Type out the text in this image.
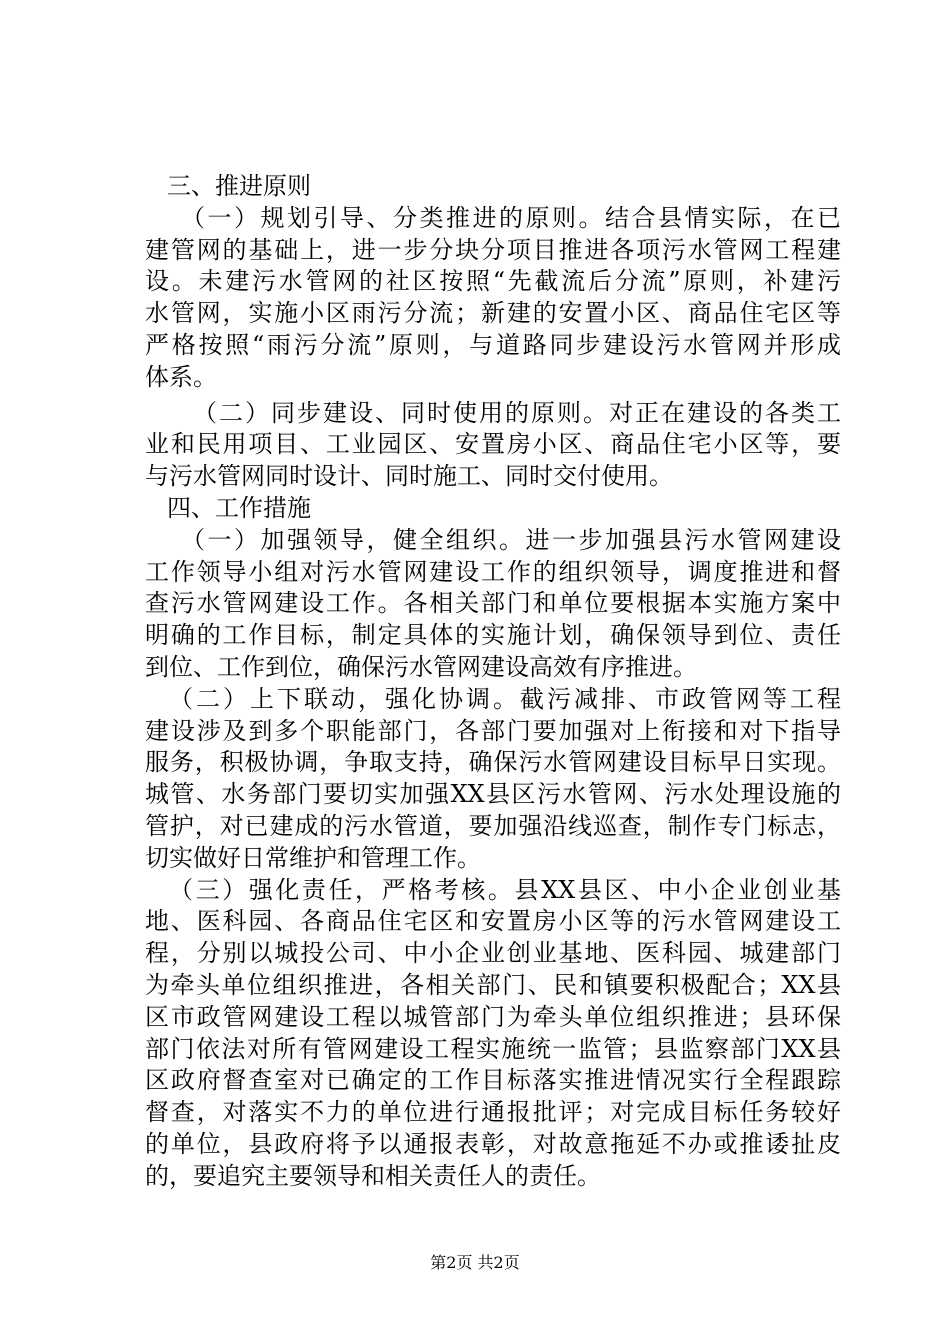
三、推进原则
（一）规划引导、分类推进的原则。结合县情实际，在已
建管网的基础上，进一步分块分项目推进各项污水管网工程建
设。未建污水管网的社区按照“先截流后分流”原则，补建污
水管网，实施小区雨污分流；新建的安置小区、商品住宅区等
严格按照“雨污分流”原则，与道路同步建设污水管网并形成
体系。
（二）同步建设、同时使用的原则。对正在建设的各类工
业和民用项目、工业园区、安置房小区、商品住宅小区等，要
与污水管网同时设计、同时施工、同时交付使用。
四、工作措施
（一）加强领导，健全组织。进一步加强县污水管网建设
工作领导小组对污水管网建设工作的组织领导，调度推进和督
查污水管网建设工作。各相关部门和单位要根据本实施方案中
明确的工作目标，制定具体的实施计划，确保领导到位、责任
到位、工作到位，确保污水管网建设高效有序推进。
（二）上下联动，强化协调。截污减排、市政管网等工程
建设涉及到多个职能部门，各部门要加强对上衔接和对下指导
服务，积极协调，争取支持，确保污水管网建设目标早日实现。
城管、水务部门要切实加强XX县区污水管网、污水处理设施的
管护，对已建成的污水管道，要加强沿线巡查，制作专门标志，
切实做好日常维护和管理工作。
（三）强化责任，严格考核。县XX县区、中小企业创业基
地、医科园、各商品住宅区和安置房小区等的污水管网建设工
程，分别以城投公司、中小企业创业基地、医科园、城建部门
为牵头单位组织推进，各相关部门、民和镇要积极配合；XX县
区市政管网建设工程以城管部门为牵头单位组织推进；县环保
部门依法对所有管网建设工程实施统一监管；县监察部门XX县
区政府督查室对已确定的工作目标落实推进情况实行全程跟踪
督查，对落实不力的单位进行通报批评；对完成目标任务较好
的单位，县政府将予以通报表彰，对故意拖延不办或推诿扯皮
的，要追究主要领导和相关责任人的责任。
第2页 共2页
